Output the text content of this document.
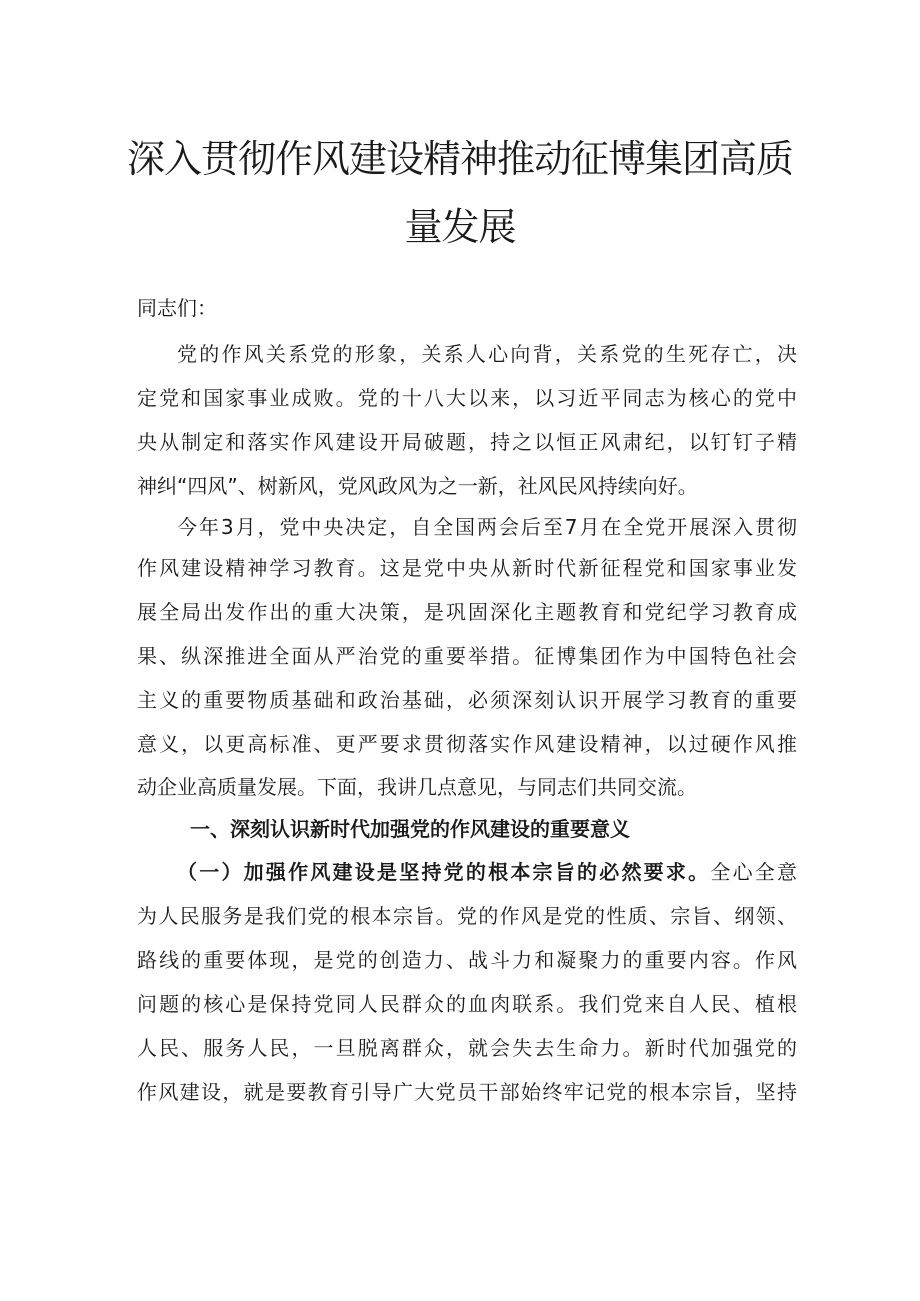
深入贯彻作风建设精神推动征博集团高质
量发展
同志们：
党的作风关系党的形象，关系人心向背，关系党的生死存亡，决
定党和国家事业成败。党的十八大以来，以习近平同志为核心的党中
央从制定和落实作风建设开局破题，持之以恒正风肃纪，以钉钉子精
神纠“四风”、树新风，党风政风为之一新，社风民风持续向好。
今年3月，党中央决定，自全国两会后至7月在全党开展深入贯彻
作风建设精神学习教育。这是党中央从新时代新征程党和国家事业发
展全局出发作出的重大决策，是巩固深化主题教育和党纪学习教育成
果、纵深推进全面从严治党的重要举措。征博集团作为中国特色社会
主义的重要物质基础和政治基础，必须深刻认识开展学习教育的重要
意义，以更高标准、更严要求贯彻落实作风建设精神，以过硬作风推
动企业高质量发展。下面，我讲几点意见，与同志们共同交流。
一、深刻认识新时代加强党的作风建设的重要意义
（一）加强作风建设是坚持党的根本宗旨的必然要求。全心全意
为人民服务是我们党的根本宗旨。党的作风是党的性质、宗旨、纲领、
路线的重要体现，是党的创造力、战斗力和凝聚力的重要内容。作风
问题的核心是保持党同人民群众的血肉联系。我们党来自人民、植根
人民、服务人民，一旦脱离群众，就会失去生命力。新时代加强党的
作风建设，就是要教育引导广大党员干部始终牢记党的根本宗旨，坚持
